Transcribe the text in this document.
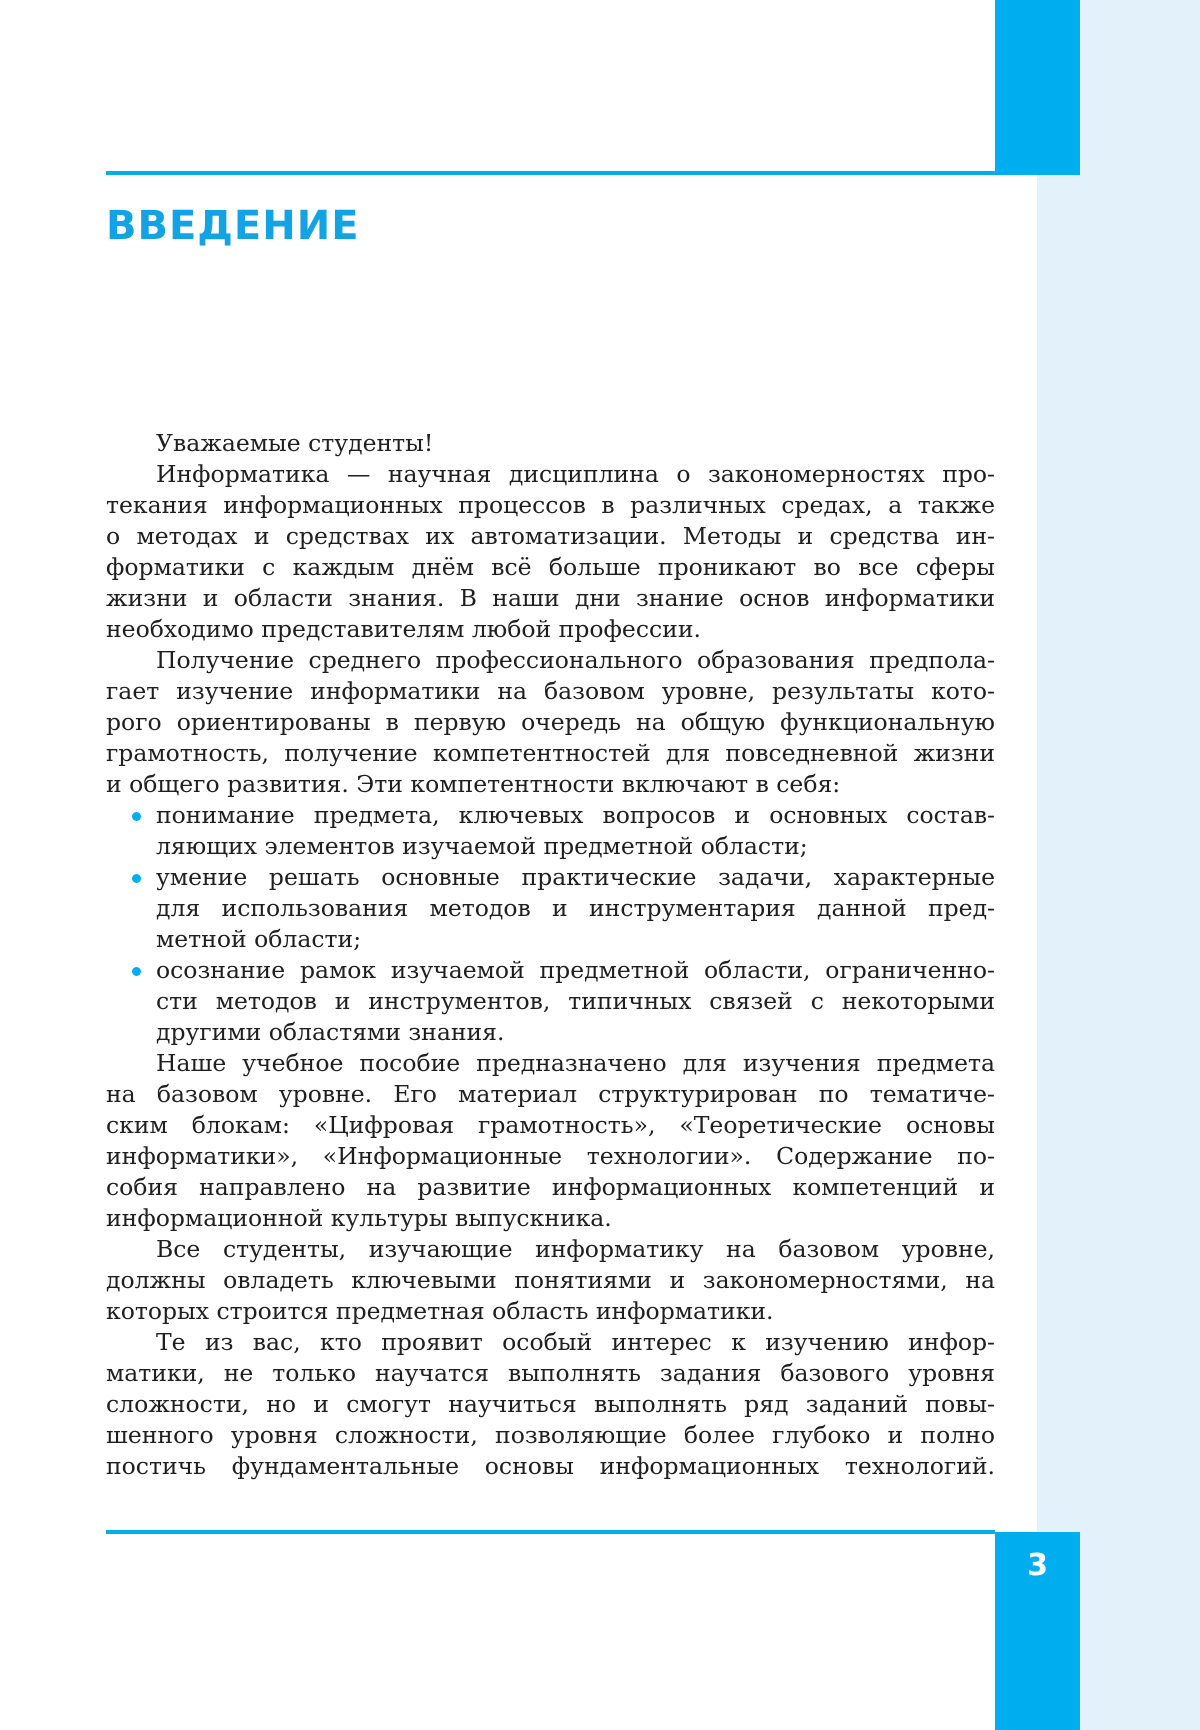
ВВЕДЕНИЕ
Уважаемые студенты!
Информатика — научная дисциплина о закономерностях про-
текания информационных процессов в различных средах, а также
о методах и средствах их автоматизации. Методы и средства ин-
форматики с каждым днём всё больше проникают во все сферы
жизни и области знания. В наши дни знание основ информатики
необходимо представителям любой профессии.
Получение среднего профессионального образования предпола-
гает изучение информатики на базовом уровне, результаты кото-
рого ориентированы в первую очередь на общую функциональную
грамотность, получение компетентностей для повседневной жизни
и общего развития. Эти компетентности включают в себя:
понимание предмета, ключевых вопросов и основных состав-
ляющих элементов изучаемой предметной области;
умение решать основные практические задачи, характерные
для использования методов и инструментария данной пред-
метной области;
осознание рамок изучаемой предметной области, ограниченно-
сти методов и инструментов, типичных связей с некоторыми
другими областями знания.
Наше учебное пособие предназначено для изучения предмета
на базовом уровне. Его материал структурирован по тематиче-
ским блокам: «Цифровая грамотность», «Теоретические основы
информатики», «Информационные технологии». Содержание по-
собия направлено на развитие информационных компетенций и
информационной культуры выпускника.
Все студенты, изучающие информатику на базовом уровне,
должны овладеть ключевыми понятиями и закономерностями, на
которых строится предметная область информатики.
Те из вас, кто проявит особый интерес к изучению инфор-
матики, не только научатся выполнять задания базового уровня
сложности, но и смогут научиться выполнять ряд заданий повы-
шенного уровня сложности, позволяющие более глубоко и полно
постичь фундаментальные основы информационных технологий.
3
